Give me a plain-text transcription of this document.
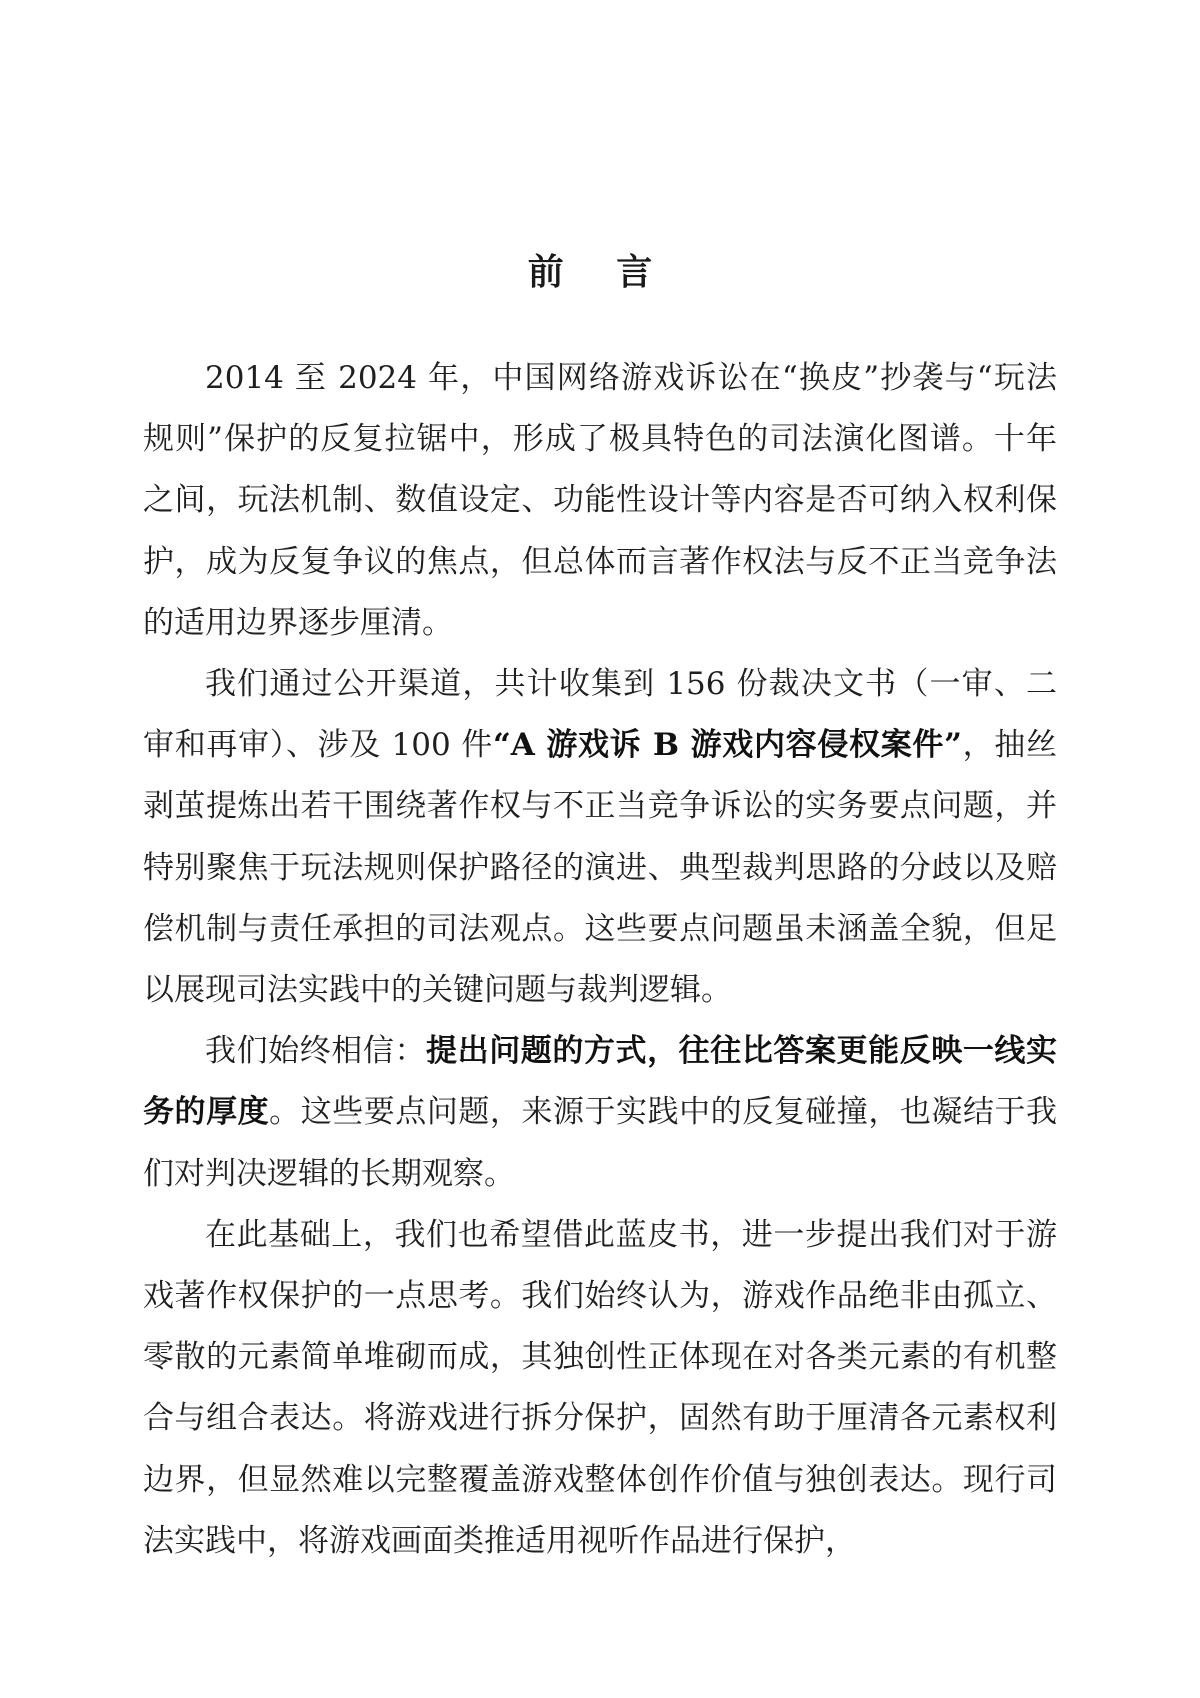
前 言

2014 至 2024 年，中国网络游戏诉讼在“换皮”抄袭与“玩法规则”保护的反复拉锯中，形成了极具特色的司法演化图谱。十年之间，玩法机制、数值设定、功能性设计等内容是否可纳入权利保护，成为反复争议的焦点，但总体而言著作权法与反不正当竞争法的适用边界逐步厘清。

我们通过公开渠道，共计收集到 156 份裁决文书（一审、二审和再审）、涉及 100 件“A 游戏诉 B 游戏内容侵权案件”，抽丝剥茧提炼出若干围绕著作权与不正当竞争诉讼的实务要点问题，并特别聚焦于玩法规则保护路径的演进、典型裁判思路的分歧以及赔偿机制与责任承担的司法观点。这些要点问题虽未涵盖全貌，但足以展现司法实践中的关键问题与裁判逻辑。

我们始终相信：提出问题的方式，往往比答案更能反映一线实务的厚度。这些要点问题，来源于实践中的反复碰撞，也凝结于我们对判决逻辑的长期观察。

在此基础上，我们也希望借此蓝皮书，进一步提出我们对于游戏著作权保护的一点思考。我们始终认为，游戏作品绝非由孤立、零散的元素简单堆砌而成，其独创性正体现在对各类元素的有机整合与组合表达。将游戏进行拆分保护，固然有助于厘清各元素权利边界，但显然难以完整覆盖游戏整体创作价值与独创表达。现行司法实践中，将游戏画面类推适用视听作品进行保护，
